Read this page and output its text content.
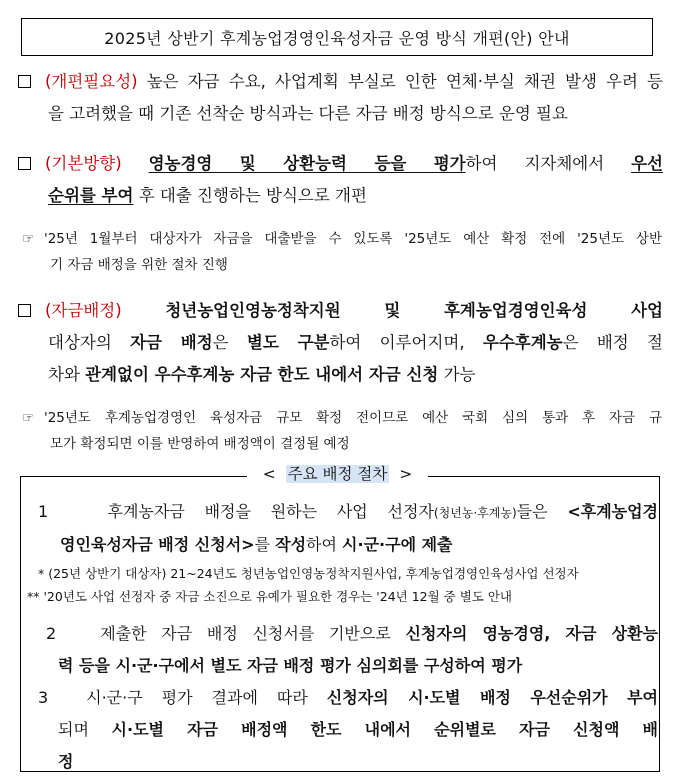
2025년 상반기 후계농업경영인육성자금 운영 방식 개편(안) 안내
(개편필요성) 높은 자금 수요, 사업계획 부실로 인한 연체·부실 채권 발생 우려 등
을 고려했을 때 기존 선착순 방식과는 다른 자금 배정 방식으로 운영 필요
(기본방향) 영농경영 및 상환능력 등을 평가하여 지자체에서 우선
순위를 부여 후 대출 진행하는 방식으로 개편
☞ '25년 1월부터 대상자가 자금을 대출받을 수 있도록 '25년도 예산 확정 전에 '25년도 상반
기 자금 배정을 위한 절차 진행
(자금배정) 청년농업인영농정착지원 및 후계농업경영인육성 사업
대상자의 자금 배정은 별도 구분하여 이루어지며, 우수후계농은 배정 절
차와 관계없이 우수후계농 자금 한도 내에서 자금 신청 가능
☞ '25년도 후계농업경영인 육성자금 규모 확정 전이므로 예산 국회 심의 통과 후 자금 규
모가 확정되면 이를 반영하여 배정액이 결정될 예정
< 주요 배정 절차 >
1	후계농자금 배정을 원하는 사업 선정자(청년농·후계농)들은 <후계농업경
영인육성자금 배정 신청서>를 작성하여 시·군·구에 제출
* (25년 상반기 대상자) 21~24년도 청년농업인영농정착지원사업, 후계농업경영인육성사업 선정자
** '20년도 사업 선정자 중 자금 소진으로 유예가 필요한 경우는 '24년 12월 중 별도 안내
2	제출한 자금 배정 신청서를 기반으로 신청자의 영농경영, 자금 상환능
력 등을 시·군·구에서 별도 자금 배정 평가 심의회를 구성하여 평가
3 시·군·구 평가 결과에 따라 신청자의 시·도별 배정 우선순위가 부여
되며 시·도별 자금 배정액 한도 내에서 순위별로 자금 신청액 배
정
